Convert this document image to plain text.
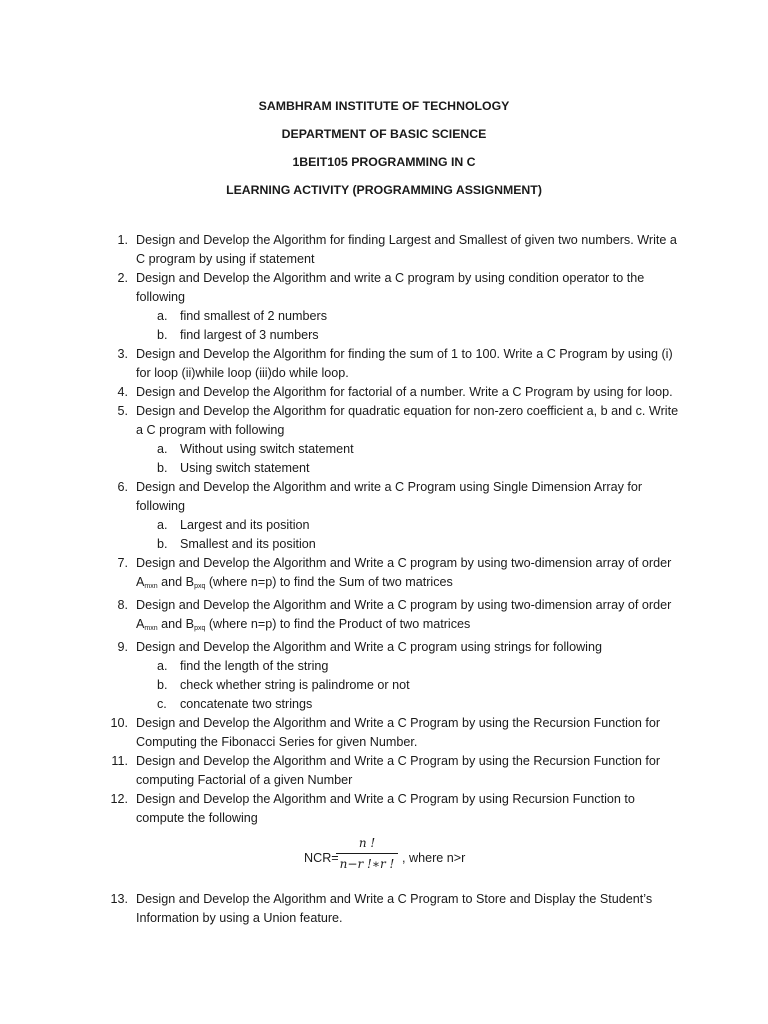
SAMBHRAM INSTITUTE OF TECHNOLOGY

DEPARTMENT OF BASIC SCIENCE

1BEIT105 PROGRAMMING IN C

LEARNING ACTIVITY (PROGRAMMING ASSIGNMENT)

1. Design and Develop the Algorithm for finding Largest and Smallest of given two numbers. Write a C program by using if statement
2. Design and Develop the Algorithm and write a C program by using condition operator to the following
a. find smallest of 2 numbers
b. find largest of 3 numbers
3. Design and Develop the Algorithm for finding the sum of 1 to 100. Write a C Program by using (i) for loop (ii)while loop (iii)do while loop.
4. Design and Develop the Algorithm for factorial of a number. Write a C Program by using for loop.
5. Design and Develop the Algorithm for quadratic equation for non-zero coefficient a, b and c. Write a C program with following
a. Without using switch statement
b. Using switch statement
6. Design and Develop the Algorithm and write a C Program using Single Dimension Array for following
a. Largest and its position
b. Smallest and its position
7. Design and Develop the Algorithm and Write a C program by using two-dimension array of order Amxn and Bpxq (where n=p) to find the Sum of two matrices
8. Design and Develop the Algorithm and Write a C program by using two-dimension array of order Amxn and Bpxq (where n=p) to find the Product of two matrices
9. Design and Develop the Algorithm and Write a C program using strings for following
a. find the length of the string
b. check whether string is palindrome or not
c. concatenate two strings
10. Design and Develop the Algorithm and Write a C Program by using the Recursion Function for Computing the Fibonacci Series for given Number.
11. Design and Develop the Algorithm and Write a C Program by using the Recursion Function for computing Factorial of a given Number
12. Design and Develop the Algorithm and Write a C Program by using Recursion Function to compute the following
NCR=
$\frac{n !}{n-r !∗r !}$ , where n>r
13. Design and Develop the Algorithm and Write a C Program to Store and Display the Student’s Information by using a Union feature.
